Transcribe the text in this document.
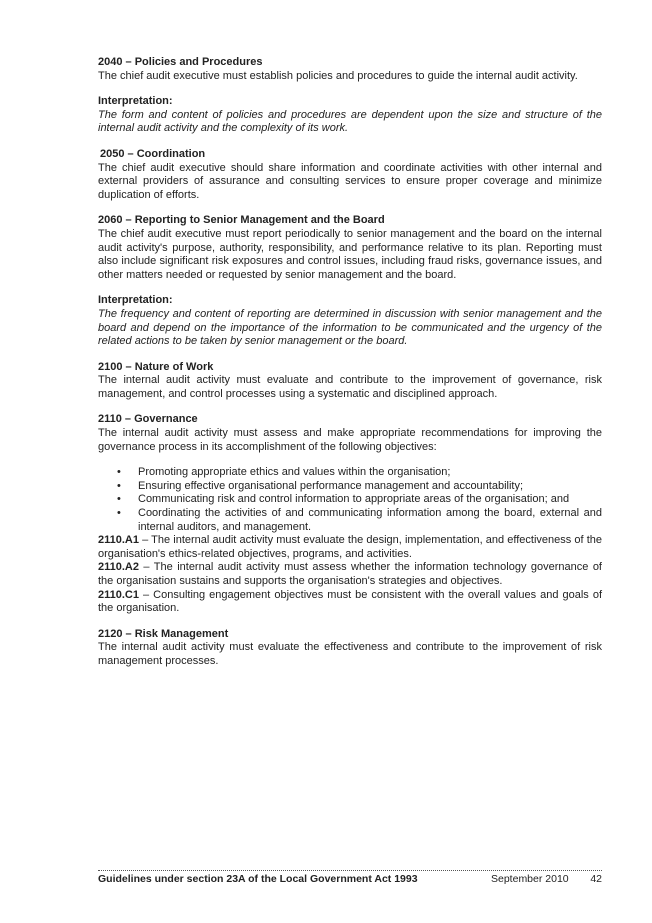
2040 – Policies and Procedures

The chief audit executive must establish policies and procedures to guide the internal audit activity.

Interpretation:

The form and content of policies and procedures are dependent upon the size and structure of the internal audit activity and the complexity of its work.

2050 – Coordination

The chief audit executive should share information and coordinate activities with other internal and external providers of assurance and consulting services to ensure proper coverage and minimize duplication of efforts.

2060 – Reporting to Senior Management and the Board

The chief audit executive must report periodically to senior management and the board on the internal audit activity's purpose, authority, responsibility, and performance relative to its plan. Reporting must also include significant risk exposures and control issues, including fraud risks, governance issues, and other matters needed or requested by senior management and the board.

Interpretation:

The frequency and content of reporting are determined in discussion with senior management and the board and depend on the importance of the information to be communicated and the urgency of the related actions to be taken by senior management or the board.

2100 – Nature of Work

The internal audit activity must evaluate and contribute to the improvement of governance, risk management, and control processes using a systematic and disciplined approach.

2110 – Governance

The internal audit activity must assess and make appropriate recommendations for improving the governance process in its accomplishment of the following objectives:

• Promoting appropriate ethics and values within the organisation;
• Ensuring effective organisational performance management and accountability;
• Communicating risk and control information to appropriate areas of the organisation; and
• Coordinating the activities of and communicating information among the board, external and internal auditors, and management.

2110.A1 – The internal audit activity must evaluate the design, implementation, and effectiveness of the organisation's ethics-related objectives, programs, and activities.

2110.A2 – The internal audit activity must assess whether the information technology governance of the organisation sustains and supports the organisation's strategies and objectives.

2110.C1 – Consulting engagement objectives must be consistent with the overall values and goals of the organisation.

2120 – Risk Management

The internal audit activity must evaluate the effectiveness and contribute to the improvement of risk management processes.

Guidelines under section 23A of the Local Government Act 1993	September 2010 42
